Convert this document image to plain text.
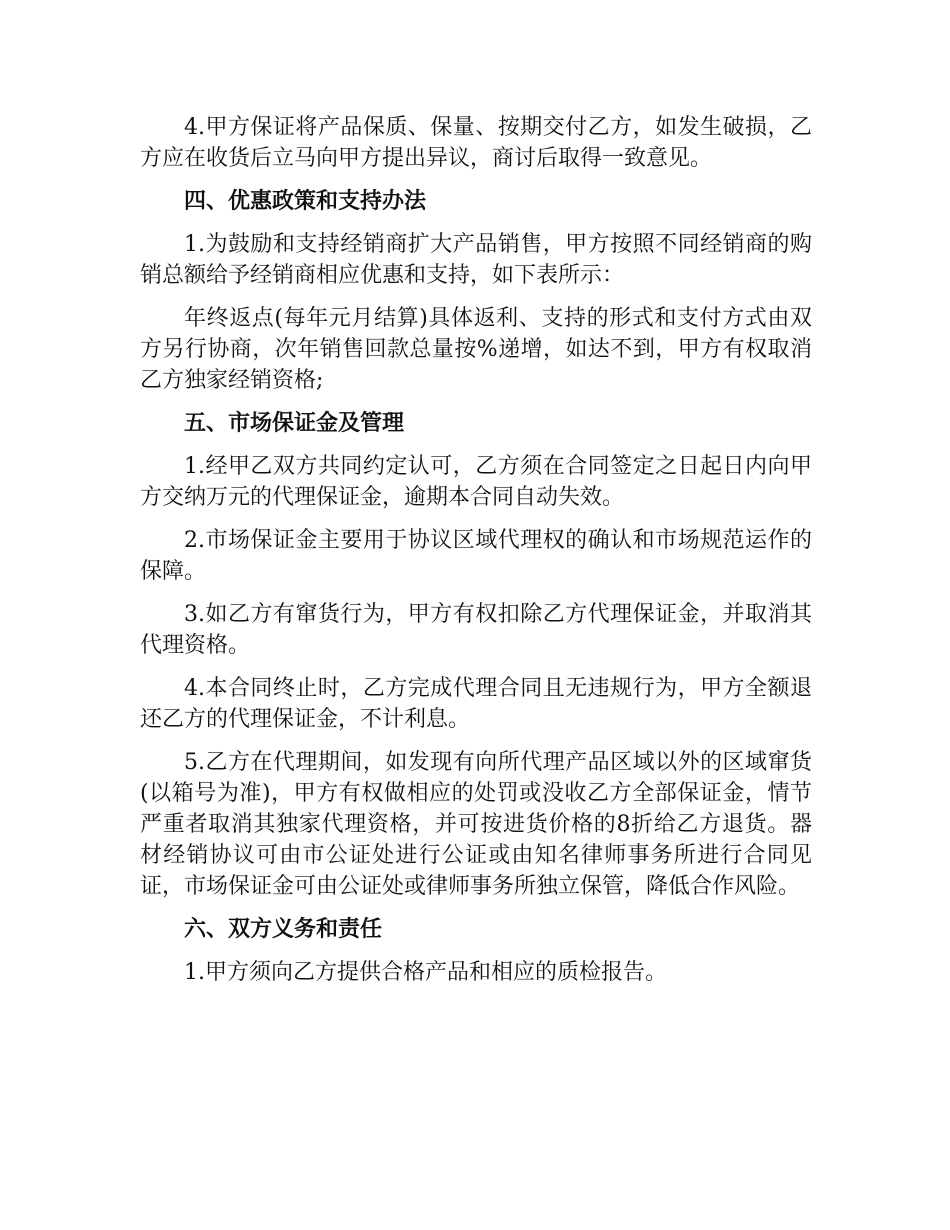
4.甲方保证将产品保质、保量、按期交付乙方，如发生破损，乙方应在收货后立马向甲方提出异议，商讨后取得一致意见。

四、优惠政策和支持办法

1.为鼓励和支持经销商扩大产品销售，甲方按照不同经销商的购销总额给予经销商相应优惠和支持，如下表所示：

年终返点(每年元月结算)具体返利、支持的形式和支付方式由双方另行协商，次年销售回款总量按%递增，如达不到，甲方有权取消乙方独家经销资格;

五、市场保证金及管理

1.经甲乙双方共同约定认可，乙方须在合同签定之日起日内向甲方交纳万元的代理保证金，逾期本合同自动失效。

2.市场保证金主要用于协议区域代理权的确认和市场规范运作的保障。

3.如乙方有窜货行为，甲方有权扣除乙方代理保证金，并取消其代理资格。

4.本合同终止时，乙方完成代理合同且无违规行为，甲方全额退还乙方的代理保证金，不计利息。

5.乙方在代理期间，如发现有向所代理产品区域以外的区域窜货(以箱号为准)，甲方有权做相应的处罚或没收乙方全部保证金，情节严重者取消其独家代理资格，并可按进货价格的8折给乙方退货。器材经销协议可由市公证处进行公证或由知名律师事务所进行合同见证，市场保证金可由公证处或律师事务所独立保管，降低合作风险。

六、双方义务和责任

1.甲方须向乙方提供合格产品和相应的质检报告。
